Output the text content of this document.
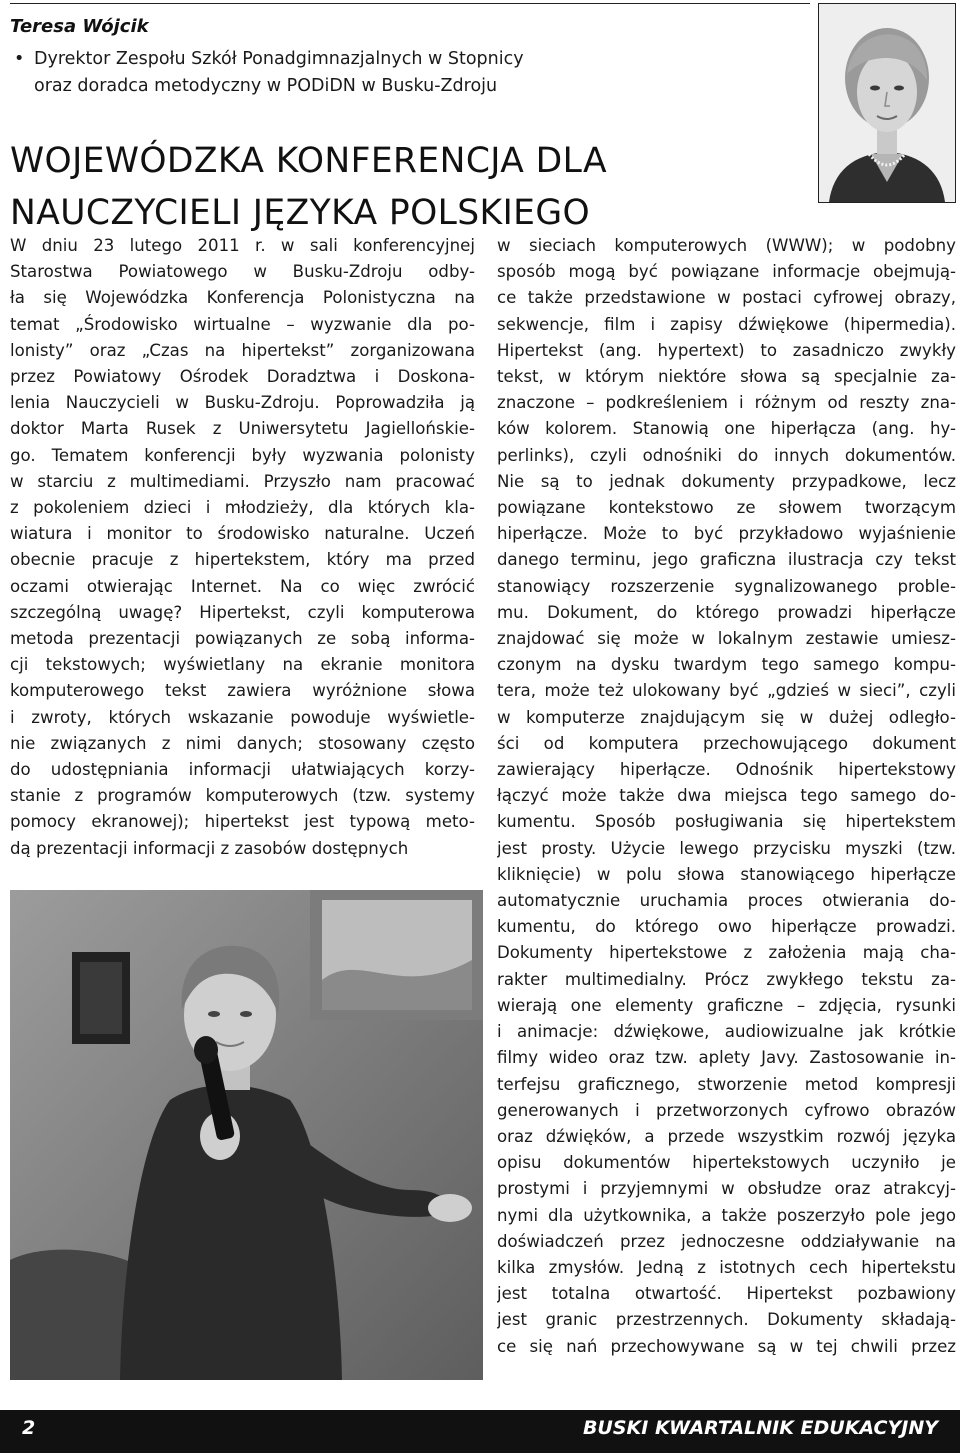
Teresa Wójcik
• Dyrektor Zespołu Szkół Ponadgimnazjalnych w Stopnicy
oraz doradca metodyczny w PODiDN w Busku-Zdroju
WOJEWÓDZKA KONFERENCJA DLA
NAUCZYCIELI JĘZYKA POLSKIEGO
W dniu 23 lutego 2011 r. w sali konferencyjnej
Starostwa Powiatowego w Busku-Zdroju odby-
ła się Wojewódzka Konferencja Polonistyczna na
temat „Środowisko wirtualne – wyzwanie dla po-
lonisty” oraz „Czas na hipertekst” zorganizowana
przez Powiatowy Ośrodek Doradztwa i Doskona-
lenia Nauczycieli w Busku-Zdroju. Poprowadziła ją
doktor Marta Rusek z Uniwersytetu Jagiellońskie-
go. Tematem konferencji były wyzwania polonisty
w starciu z multimediami. Przyszło nam pracować
z pokoleniem dzieci i młodzieży, dla których kla-
wiatura i monitor to środowisko naturalne. Uczeń
obecnie pracuje z hipertekstem, który ma przed
oczami otwierając Internet. Na co więc zwrócić
szczególną uwagę? Hipertekst, czyli komputerowa
metoda prezentacji powiązanych ze sobą informa-
cji tekstowych; wyświetlany na ekranie monitora
komputerowego tekst zawiera wyróżnione słowa
i zwroty, których wskazanie powoduje wyświetle-
nie związanych z nimi danych; stosowany często
do udostępniania informacji ułatwiających korzy-
stanie z programów komputerowych (tzw. systemy
pomocy ekranowej); hipertekst jest typową meto-
dą prezentacji informacji z zasobów dostępnych
w sieciach komputerowych (WWW); w podobny
sposób mogą być powiązane informacje obejmują-
ce także przedstawione w postaci cyfrowej obrazy,
sekwencje, film i zapisy dźwiękowe (hipermedia).
Hipertekst (ang. hypertext) to zasadniczo zwykły
tekst, w którym niektóre słowa są specjalnie za-
znaczone – podkreśleniem i różnym od reszty zna-
ków kolorem. Stanowią one hiperłącza (ang. hy-
perlinks), czyli odnośniki do innych dokumentów.
Nie są to jednak dokumenty przypadkowe, lecz
powiązane kontekstowo ze słowem tworzącym
hiperłącze. Może to być przykładowo wyjaśnienie
danego terminu, jego graficzna ilustracja czy tekst
stanowiący rozszerzenie sygnalizowanego proble-
mu. Dokument, do którego prowadzi hiperłącze
znajdować się może w lokalnym zestawie umiesz-
czonym na dysku twardym tego samego kompu-
tera, może też ulokowany być „gdzieś w sieci”, czyli
w komputerze znajdującym się w dużej odległo-
ści od komputera przechowującego dokument
zawierający hiperłącze. Odnośnik hipertekstowy
łączyć może także dwa miejsca tego samego do-
kumentu. Sposób posługiwania się hipertekstem
jest prosty. Użycie lewego przycisku myszki (tzw.
kliknięcie) w polu słowa stanowiącego hiperłącze
automatycznie uruchamia proces otwierania do-
kumentu, do którego owo hiperłącze prowadzi.
Dokumenty hipertekstowe z założenia mają cha-
rakter multimedialny. Prócz zwykłego tekstu za-
wierają one elementy graficzne – zdjęcia, rysunki
i animacje: dźwiękowe, audiowizualne jak krótkie
filmy wideo oraz tzw. aplety Javy. Zastosowanie in-
terfejsu graficznego, stworzenie metod kompresji
generowanych i przetworzonych cyfrowo obrazów
oraz dźwięków, a przede wszystkim rozwój języka
opisu dokumentów hipertekstowych uczyniło je
prostymi i przyjemnymi w obsłudze oraz atrakcyj-
nymi dla użytkownika, a także poszerzyło pole jego
doświadczeń przez jednoczesne oddziaływanie na
kilka zmysłów. Jedną z istotnych cech hipertekstu
jest totalna otwartość. Hipertekst pozbawiony
jest granic przestrzennych. Dokumenty składają-
ce się nań przechowywane są w tej chwili przez
2	BUSKI KWARTALNIK EDUKACYJNY
